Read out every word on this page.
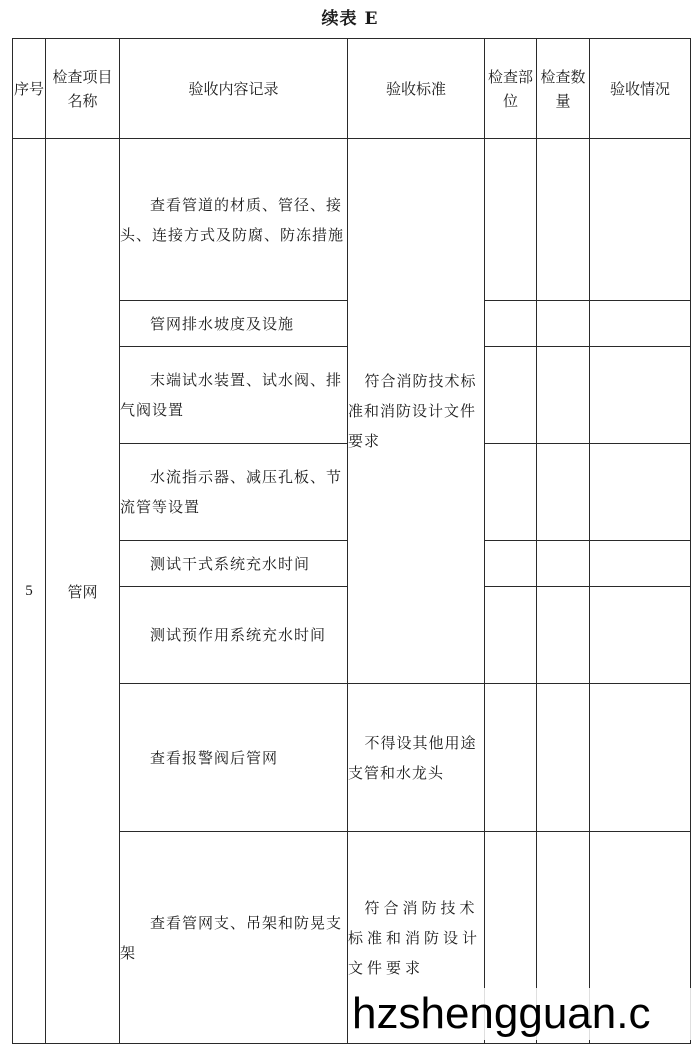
续表 E
序号	检查项目名称	验收内容记录	验收标准	检查部位	检查数量	验收情况
5	管网	查看管道的材质、管径、接头、连接方式及防腐、防冻措施	符合消防技术标准和消防设计文件要求			

		管网排水坡度及设施				

		末端试水装置、试水阀、排气阀设置				

		水流指示器、减压孔板、节流管等设置				

		测试干式系统充水时间				

		测试预作用系统充水时间				

		查看报警阀后管网	不得设其他用途支管和水龙头			

		查看管网支、吊架和防晃支架	符合消防技术标准和消防设计文件要求			

hzshengguan.c
